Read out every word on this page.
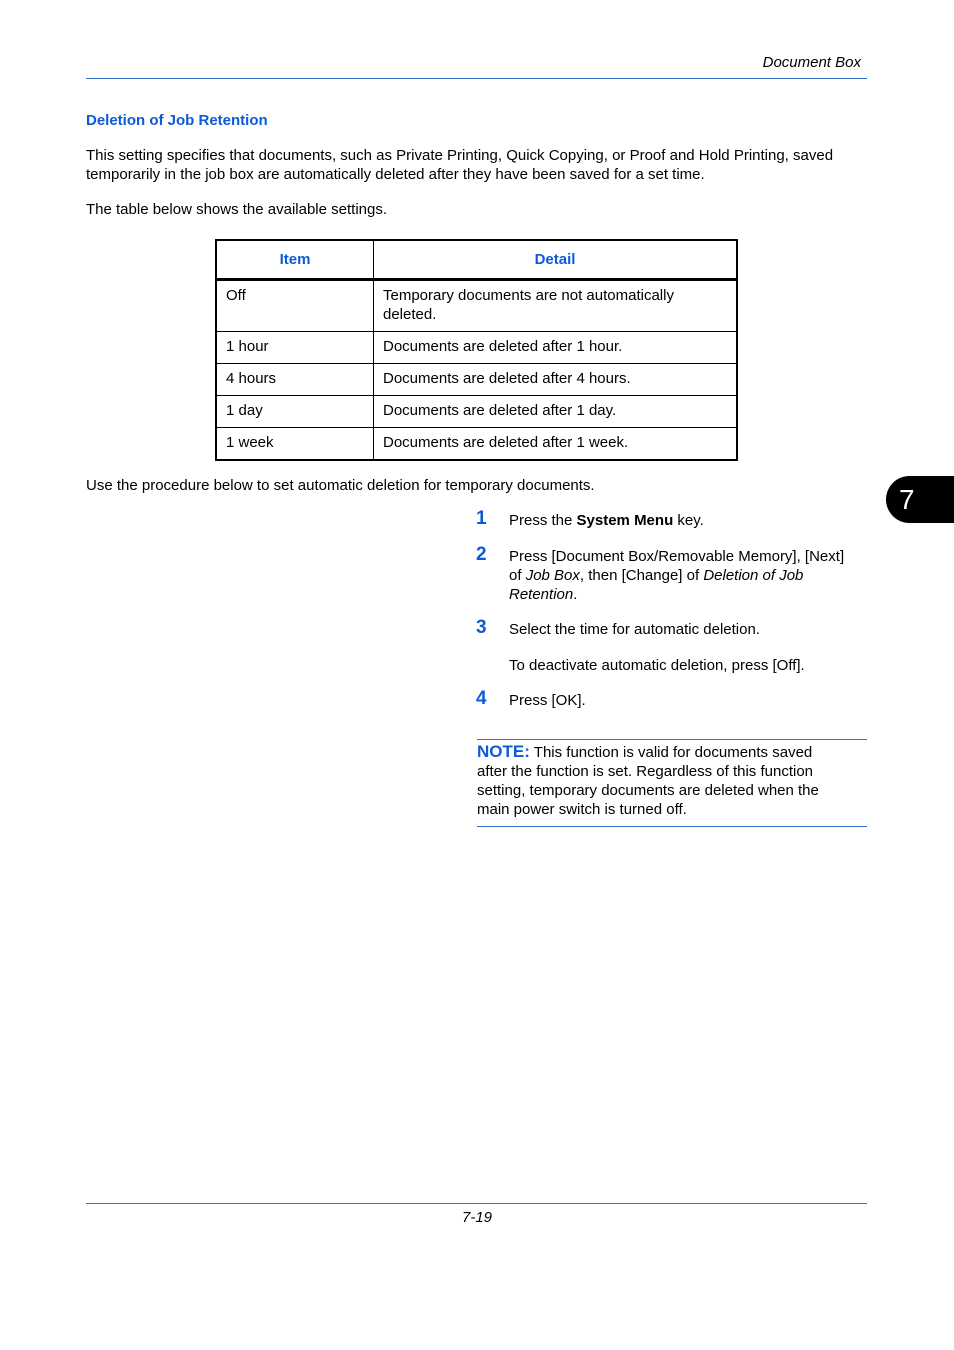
Document Box
Deletion of Job Retention
This setting specifies that documents, such as Private Printing, Quick Copying, or Proof and Hold Printing, saved
temporarily in the job box are automatically deleted after they have been saved for a set time.
The table below shows the available settings.
Item	Detail
Off	Temporary documents are not automatically
deleted.

1 hour	Documents are deleted after 1 hour.
4 hours	Documents are deleted after 4 hours.
1 day	Documents are deleted after 1 day.
1 week	Documents are deleted after 1 week.
Use the procedure below to set automatic deletion for temporary documents.
1 Press the System Menu key.
2 Press [Document Box/Removable Memory], [Next]
of Job Box, then [Change] of Deletion of Job
Retention.
3 Select the time for automatic deletion.
To deactivate automatic deletion, press [Off].
4 Press [OK].
NOTE: This function is valid for documents saved
after the function is set. Regardless of this function
setting, temporary documents are deleted when the
main power switch is turned off.
7
7-19
